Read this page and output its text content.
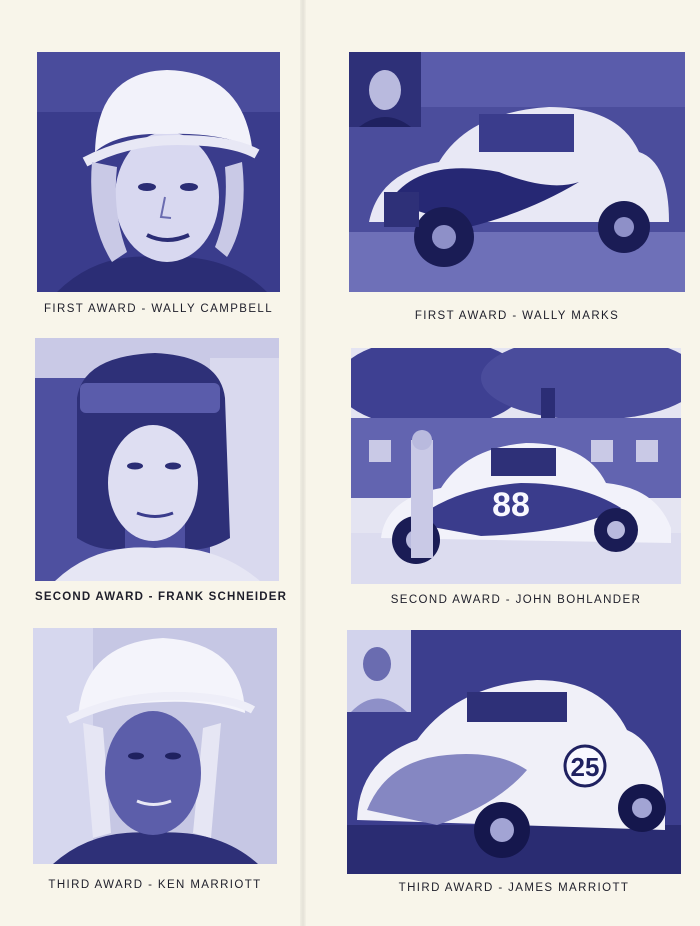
FIRST AWARD - WALLY CAMPBELL

FIRST AWARD - WALLY MARKS

SECOND AWARD - FRANK SCHNEIDER

88

SECOND AWARD - JOHN BOHLANDER

THIRD AWARD - KEN MARRIOTT

25

THIRD AWARD - JAMES MARRIOTT
